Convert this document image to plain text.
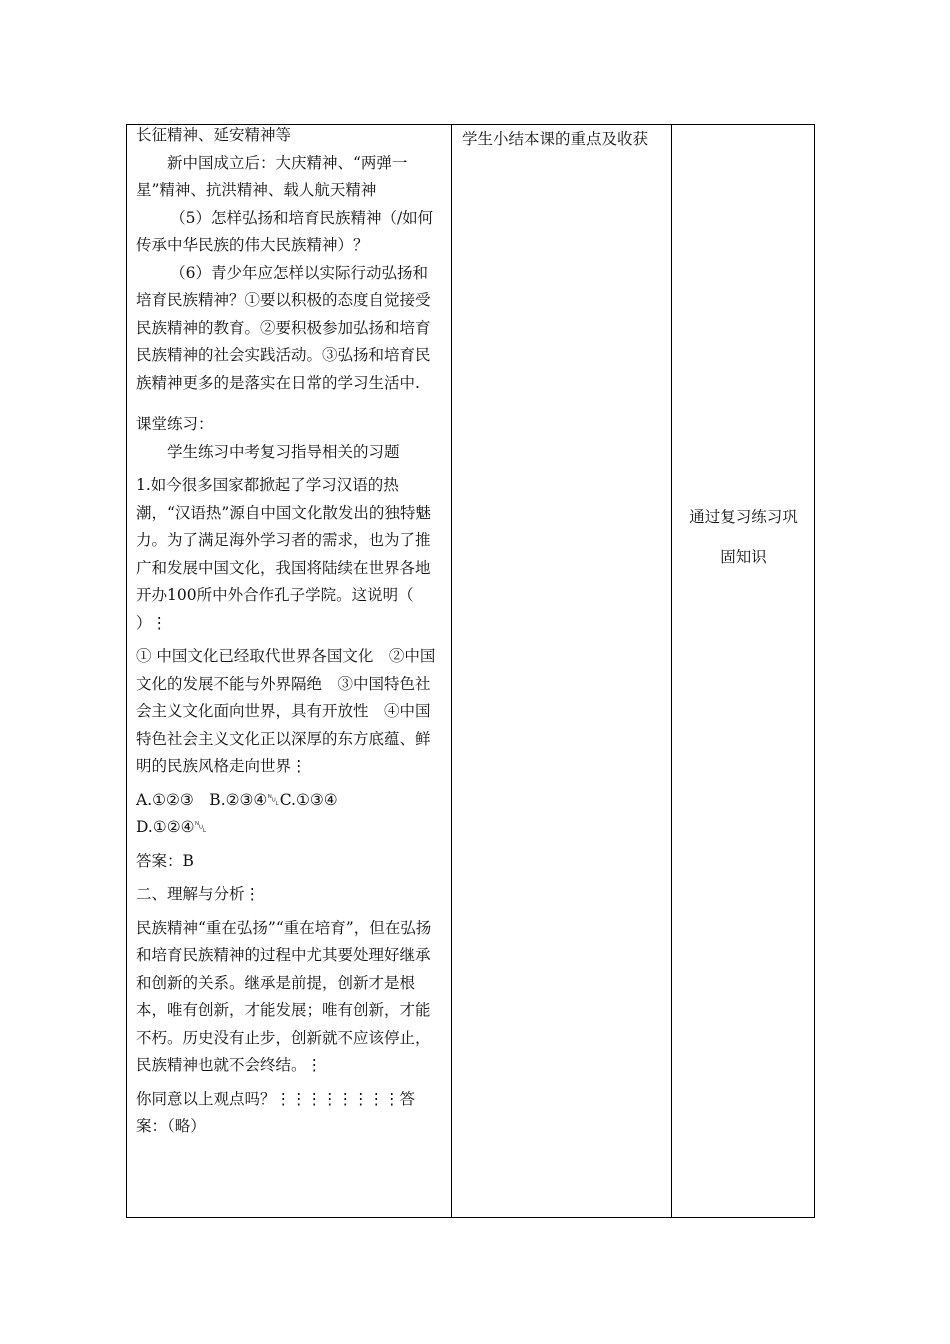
长征精神、延安精神等

新中国成立后：大庆精神、“两弹一星”精神、抗洪精神、载人航天精神

（5）怎样弘扬和培育民族精神（/如何传承中华民族的伟大民族精神）？

（6）青少年应怎样以实际行动弘扬和培育民族精神？①要以积极的态度自觉接受民族精神的教育。②要积极参加弘扬和培育民族精神的社会实践活动。③弘扬和培育民族精神更多的是落实在日常的学习生活中.

课堂练习：

学生练习中考复习指导相关的习题

1.如今很多国家都掀起了学习汉语的热潮，“汉语热”源自中国文化散发出的独特魅力。为了满足海外学习者的需求，也为了推广和发展中国文化，我国将陆续在世界各地开办100所中外合作孔子学院。这说明（　　）⋮

① 中国文化已经取代世界各国文化　②中国文化的发展不能与外界隔绝　③中国特色社会主义文化面向世界，具有开放性　④中国特色社会主义文化正以深厚的东方底蕴、鲜明的民族风格走向世界⋮

A.①②③　B.②③④␀C.①③④

D.①②④␀

答案：B

二、理解与分析⋮

民族精神“重在弘扬”“重在培育”，但在弘扬和培育民族精神的过程中尤其要处理好继承和创新的关系。继承是前提，创新才是根本，唯有创新，才能发展；唯有创新，才能不朽。历史没有止步，创新就不应该停止，民族精神也就不会终结。⋮

你同意以上观点吗？⋮⋮⋮⋮⋮⋮⋮⋮答案：（略）

学生小结本课的重点及收获

通过复习练习巩

固知识
